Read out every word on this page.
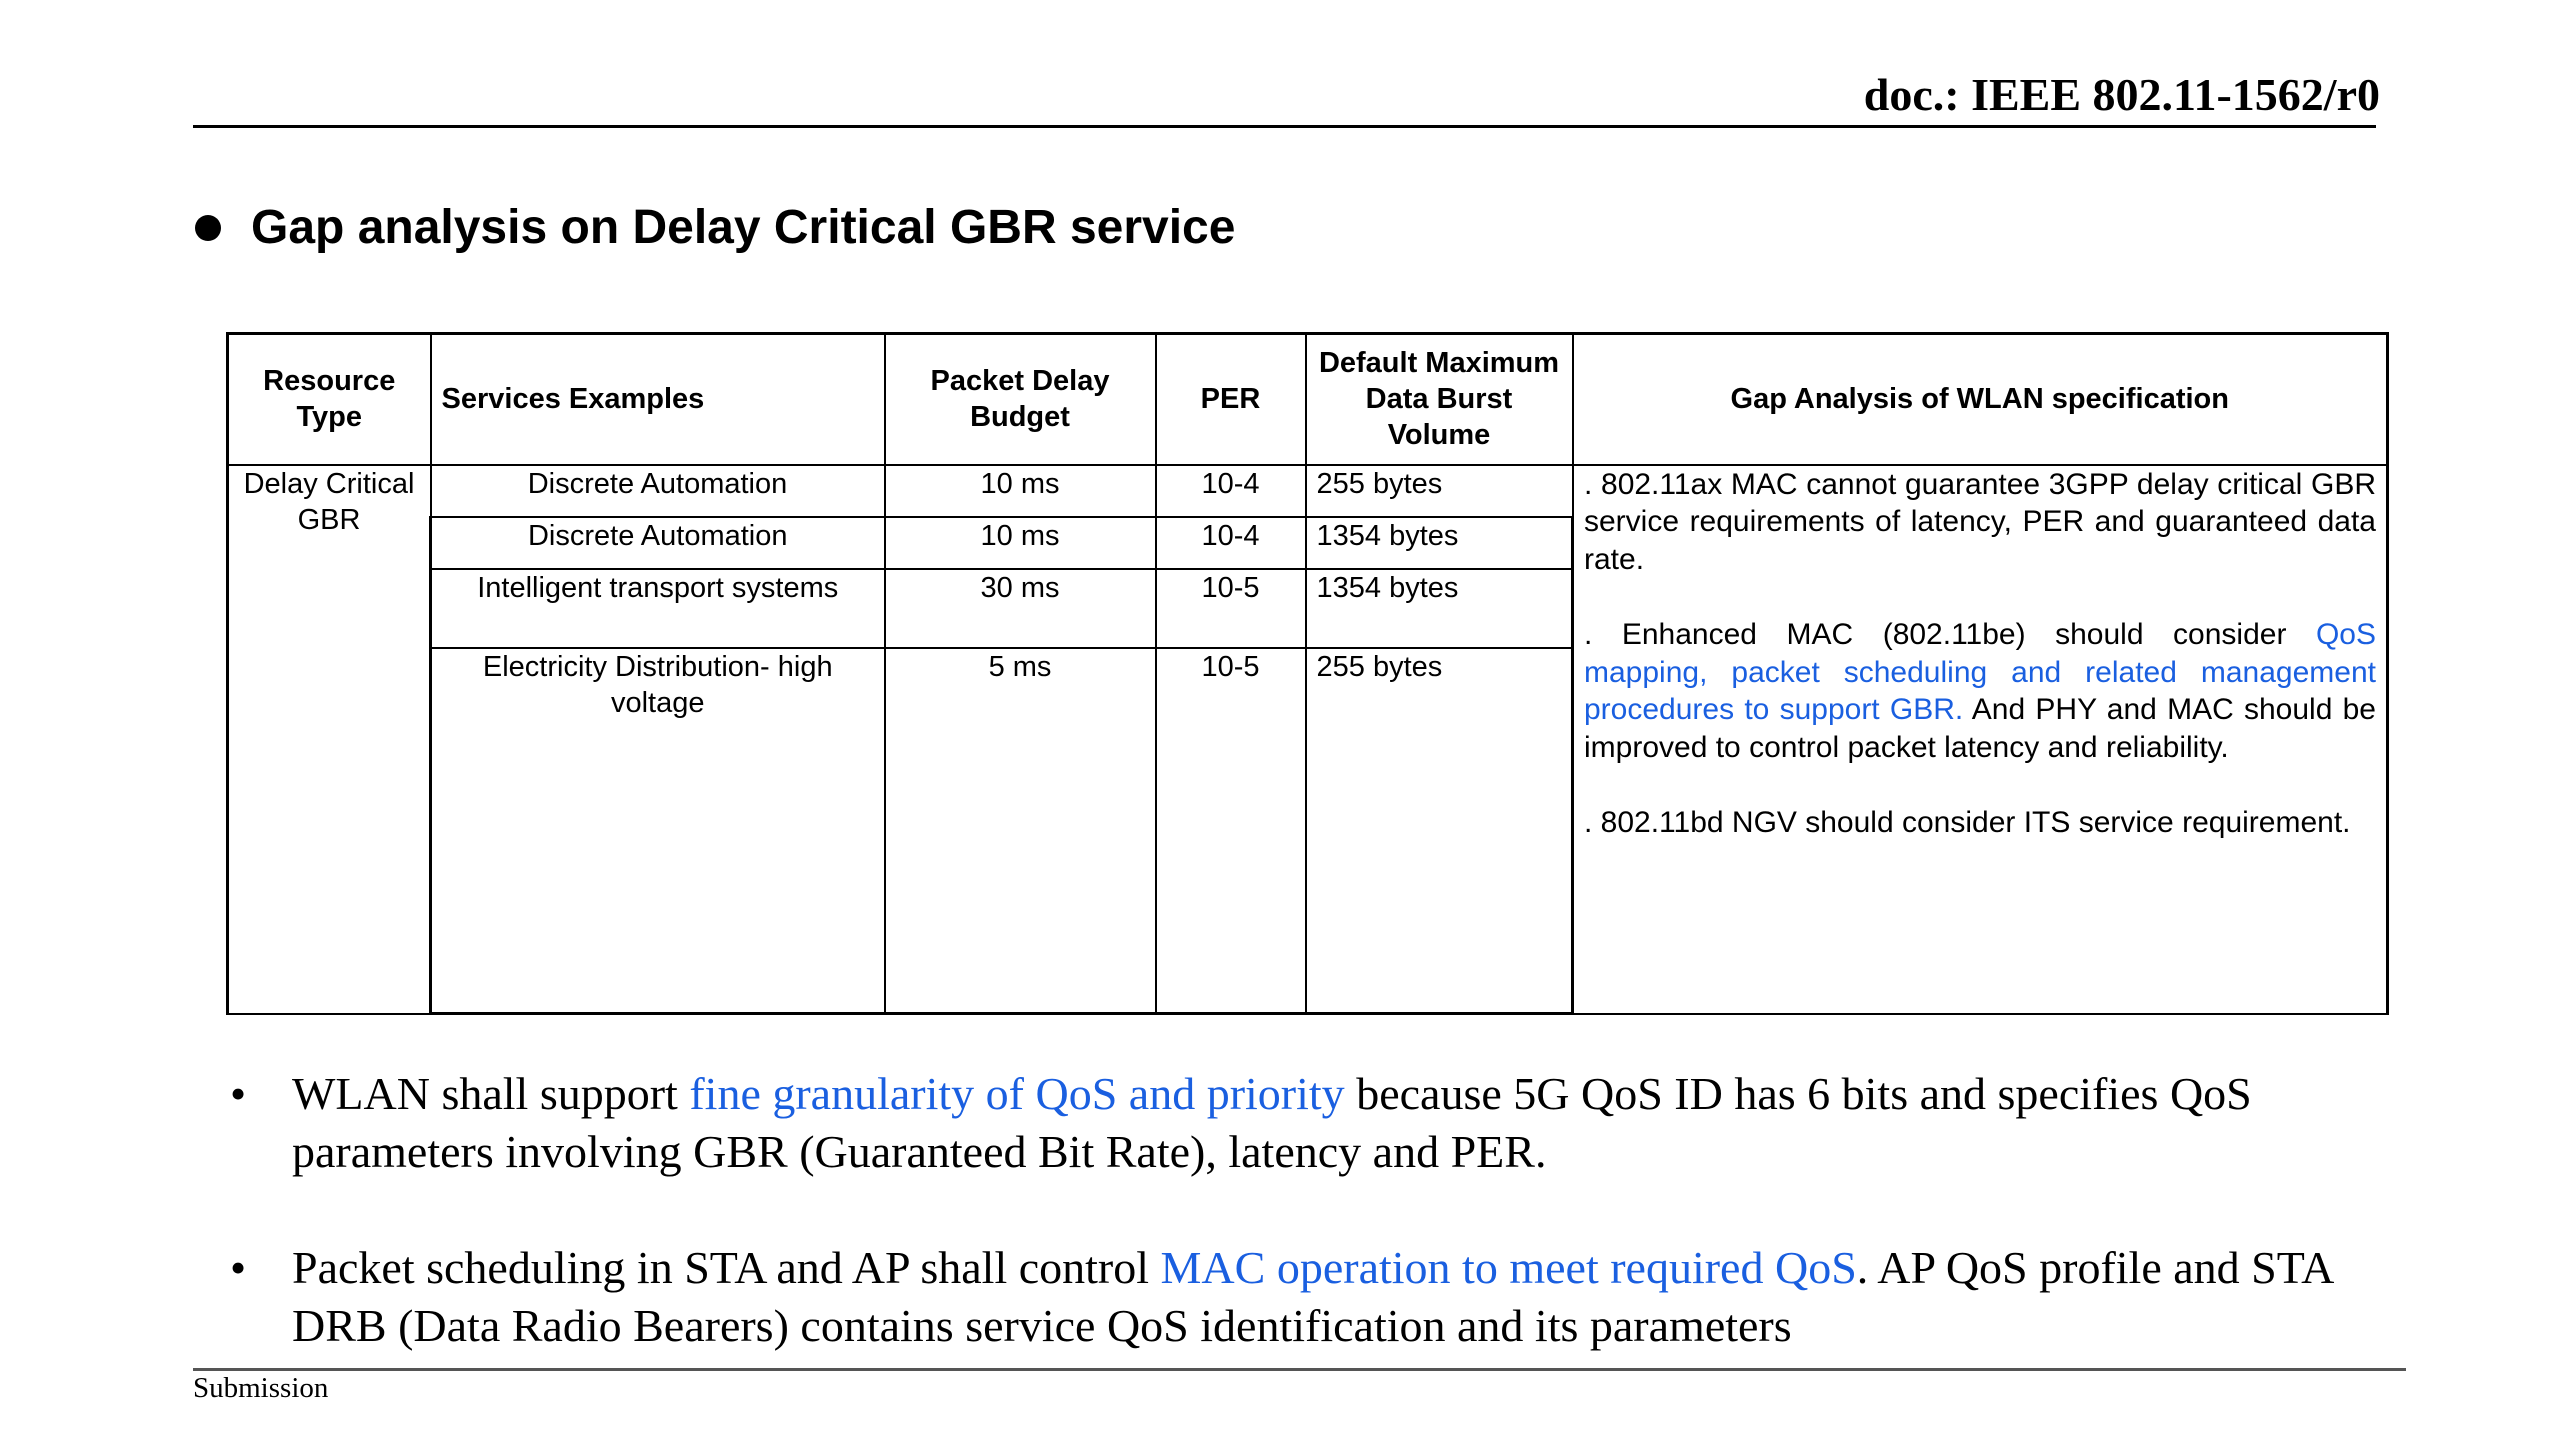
doc.: IEEE 802.11-1562/r0
Gap analysis on Delay Critical GBR service
Resource Type	Services Examples	Packet Delay Budget	PER	Default Maximum Data Burst Volume	Gap Analysis of WLAN specification
Delay Critical GBR	Discrete Automation	10 ms	10-4	255 bytes	. 802.11ax MAC cannot guarantee 3GPP delay critical GBR service requirements of latency, PER and guaranteed data rate.

. Enhanced MAC (802.11be) should consider QoS mapping, packet scheduling and related management procedures to support GBR. And PHY and MAC should be improved to control packet latency and reliability.

. 802.11bd NGV should consider ITS service requirement.

	Discrete Automation	10 ms	10-4	1354 bytes	
	Intelligent transport systems	30 ms	10-5	1354 bytes	
	Electricity Distribution- high voltage	5 ms	10-5	255 bytes	
• WLAN shall support fine granularity of QoS and priority because 5G QoS ID has 6 bits and specifies QoS parameters involving GBR (Guaranteed Bit Rate), latency and PER.
• Packet scheduling in STA and AP shall control MAC operation to meet required QoS. AP QoS profile and STA DRB (Data Radio Bearers) contains service QoS identification and its parameters
Submission
